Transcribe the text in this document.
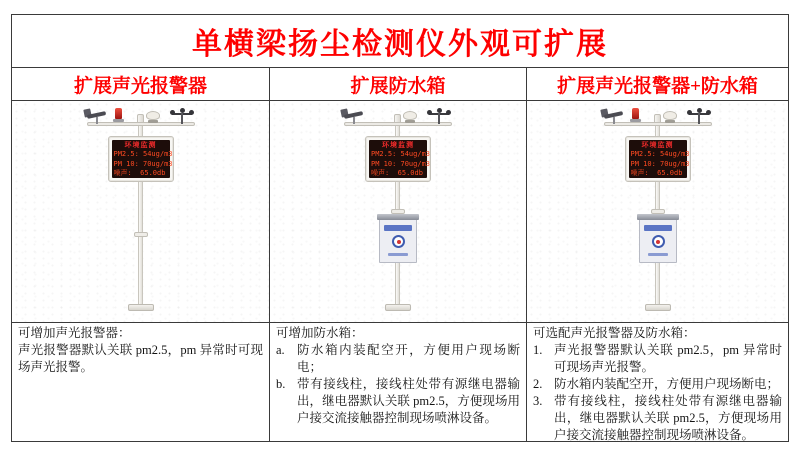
单横梁扬尘检测仪外观可扩展
扩展声光报警器	扩展防水箱	扩展声光报警器+防水箱
环境监测
PM2.5: 54ug/m3
PM 10: 70ug/m3
噪声:  65.0db
环境监测
PM2.5: 54ug/m3
PM 10: 70ug/m3
噪声:  65.0db
环境监测
PM2.5: 54ug/m3
PM 10: 70ug/m3
噪声:  65.0db
可增加声光报警器：
声光报警器默认关联 pm2.5，pm 异常时可现场声光报警。
可增加防水箱：
a. 防水箱内装配空开，方便用户现场断电；
b. 带有接线柱，接线柱处带有源继电器输出，继电器默认关联 pm2.5，方便现场用户接交流接触器控制现场喷淋设备。
可选配声光报警器及防水箱：
1. 声光报警器默认关联 pm2.5，pm 异常时可现场声光报警。
2. 防水箱内装配空开，方便用户现场断电；
3. 带有接线柱，接线柱处带有源继电器输出，继电器默认关联 pm2.5，方便现场用户接交流接触器控制现场喷淋设备。
